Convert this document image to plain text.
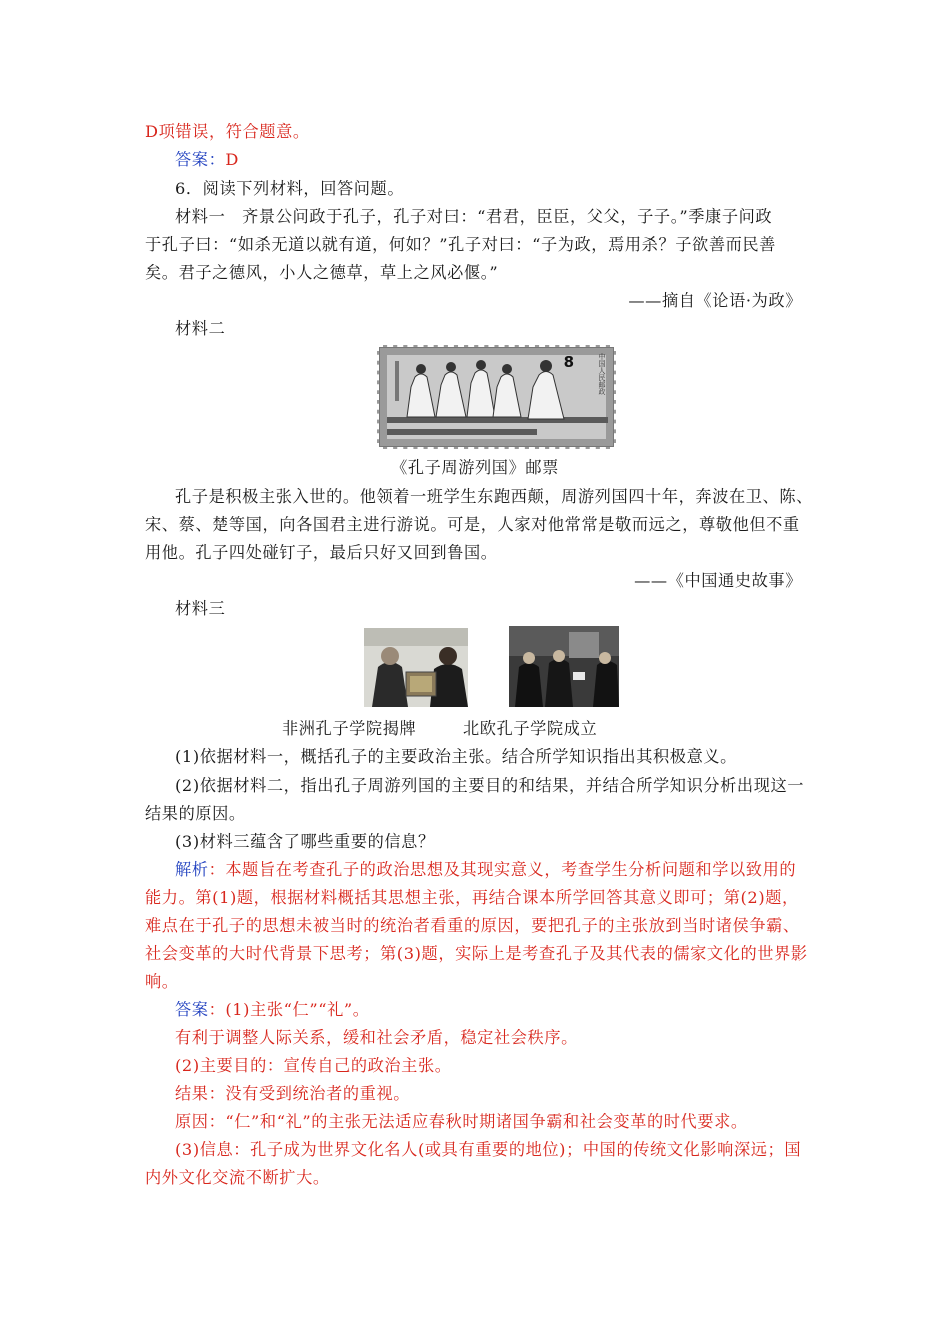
D项错误，符合题意。
答案：D
6．阅读下列材料，回答问题。
材料一　齐景公问政于孔子，孔子对曰：“君君，臣臣，父父，子子。”季康子问政
于孔子曰：“如杀无道以就有道，何如？”孔子对曰：“子为政，焉用杀？子欲善而民善
矣。君子之德风，小人之德草，草上之风必偃。”
——摘自《论语·为政》
材料二
8	中国人民邮政
《孔子周游列国》邮票
孔子是积极主张入世的。他领着一班学生东跑西颠，周游列国四十年，奔波在卫、陈、
宋、蔡、楚等国，向各国君主进行游说。可是，人家对他常常是敬而远之，尊敬他但不重
用他。孔子四处碰钉子，最后只好又回到鲁国。
——《中国通史故事》
材料三
非洲孔子学院揭牌	北欧孔子学院成立
(1)依据材料一，概括孔子的主要政治主张。结合所学知识指出其积极意义。
(2)依据材料二，指出孔子周游列国的主要目的和结果，并结合所学知识分析出现这一
结果的原因。
(3)材料三蕴含了哪些重要的信息？
解析：本题旨在考查孔子的政治思想及其现实意义，考查学生分析问题和学以致用的
能力。第(1)题，根据材料概括其思想主张，再结合课本所学回答其意义即可；第(2)题，
难点在于孔子的思想未被当时的统治者看重的原因，要把孔子的主张放到当时诸侯争霸、
社会变革的大时代背景下思考；第(3)题，实际上是考查孔子及其代表的儒家文化的世界影
响。
答案：(1)主张“仁”“礼”。
有利于调整人际关系，缓和社会矛盾，稳定社会秩序。
(2)主要目的：宣传自己的政治主张。
结果：没有受到统治者的重视。
原因：“仁”和“礼”的主张无法适应春秋时期诸国争霸和社会变革的时代要求。
(3)信息：孔子成为世界文化名人(或具有重要的地位)；中国的传统文化影响深远；国
内外文化交流不断扩大。
